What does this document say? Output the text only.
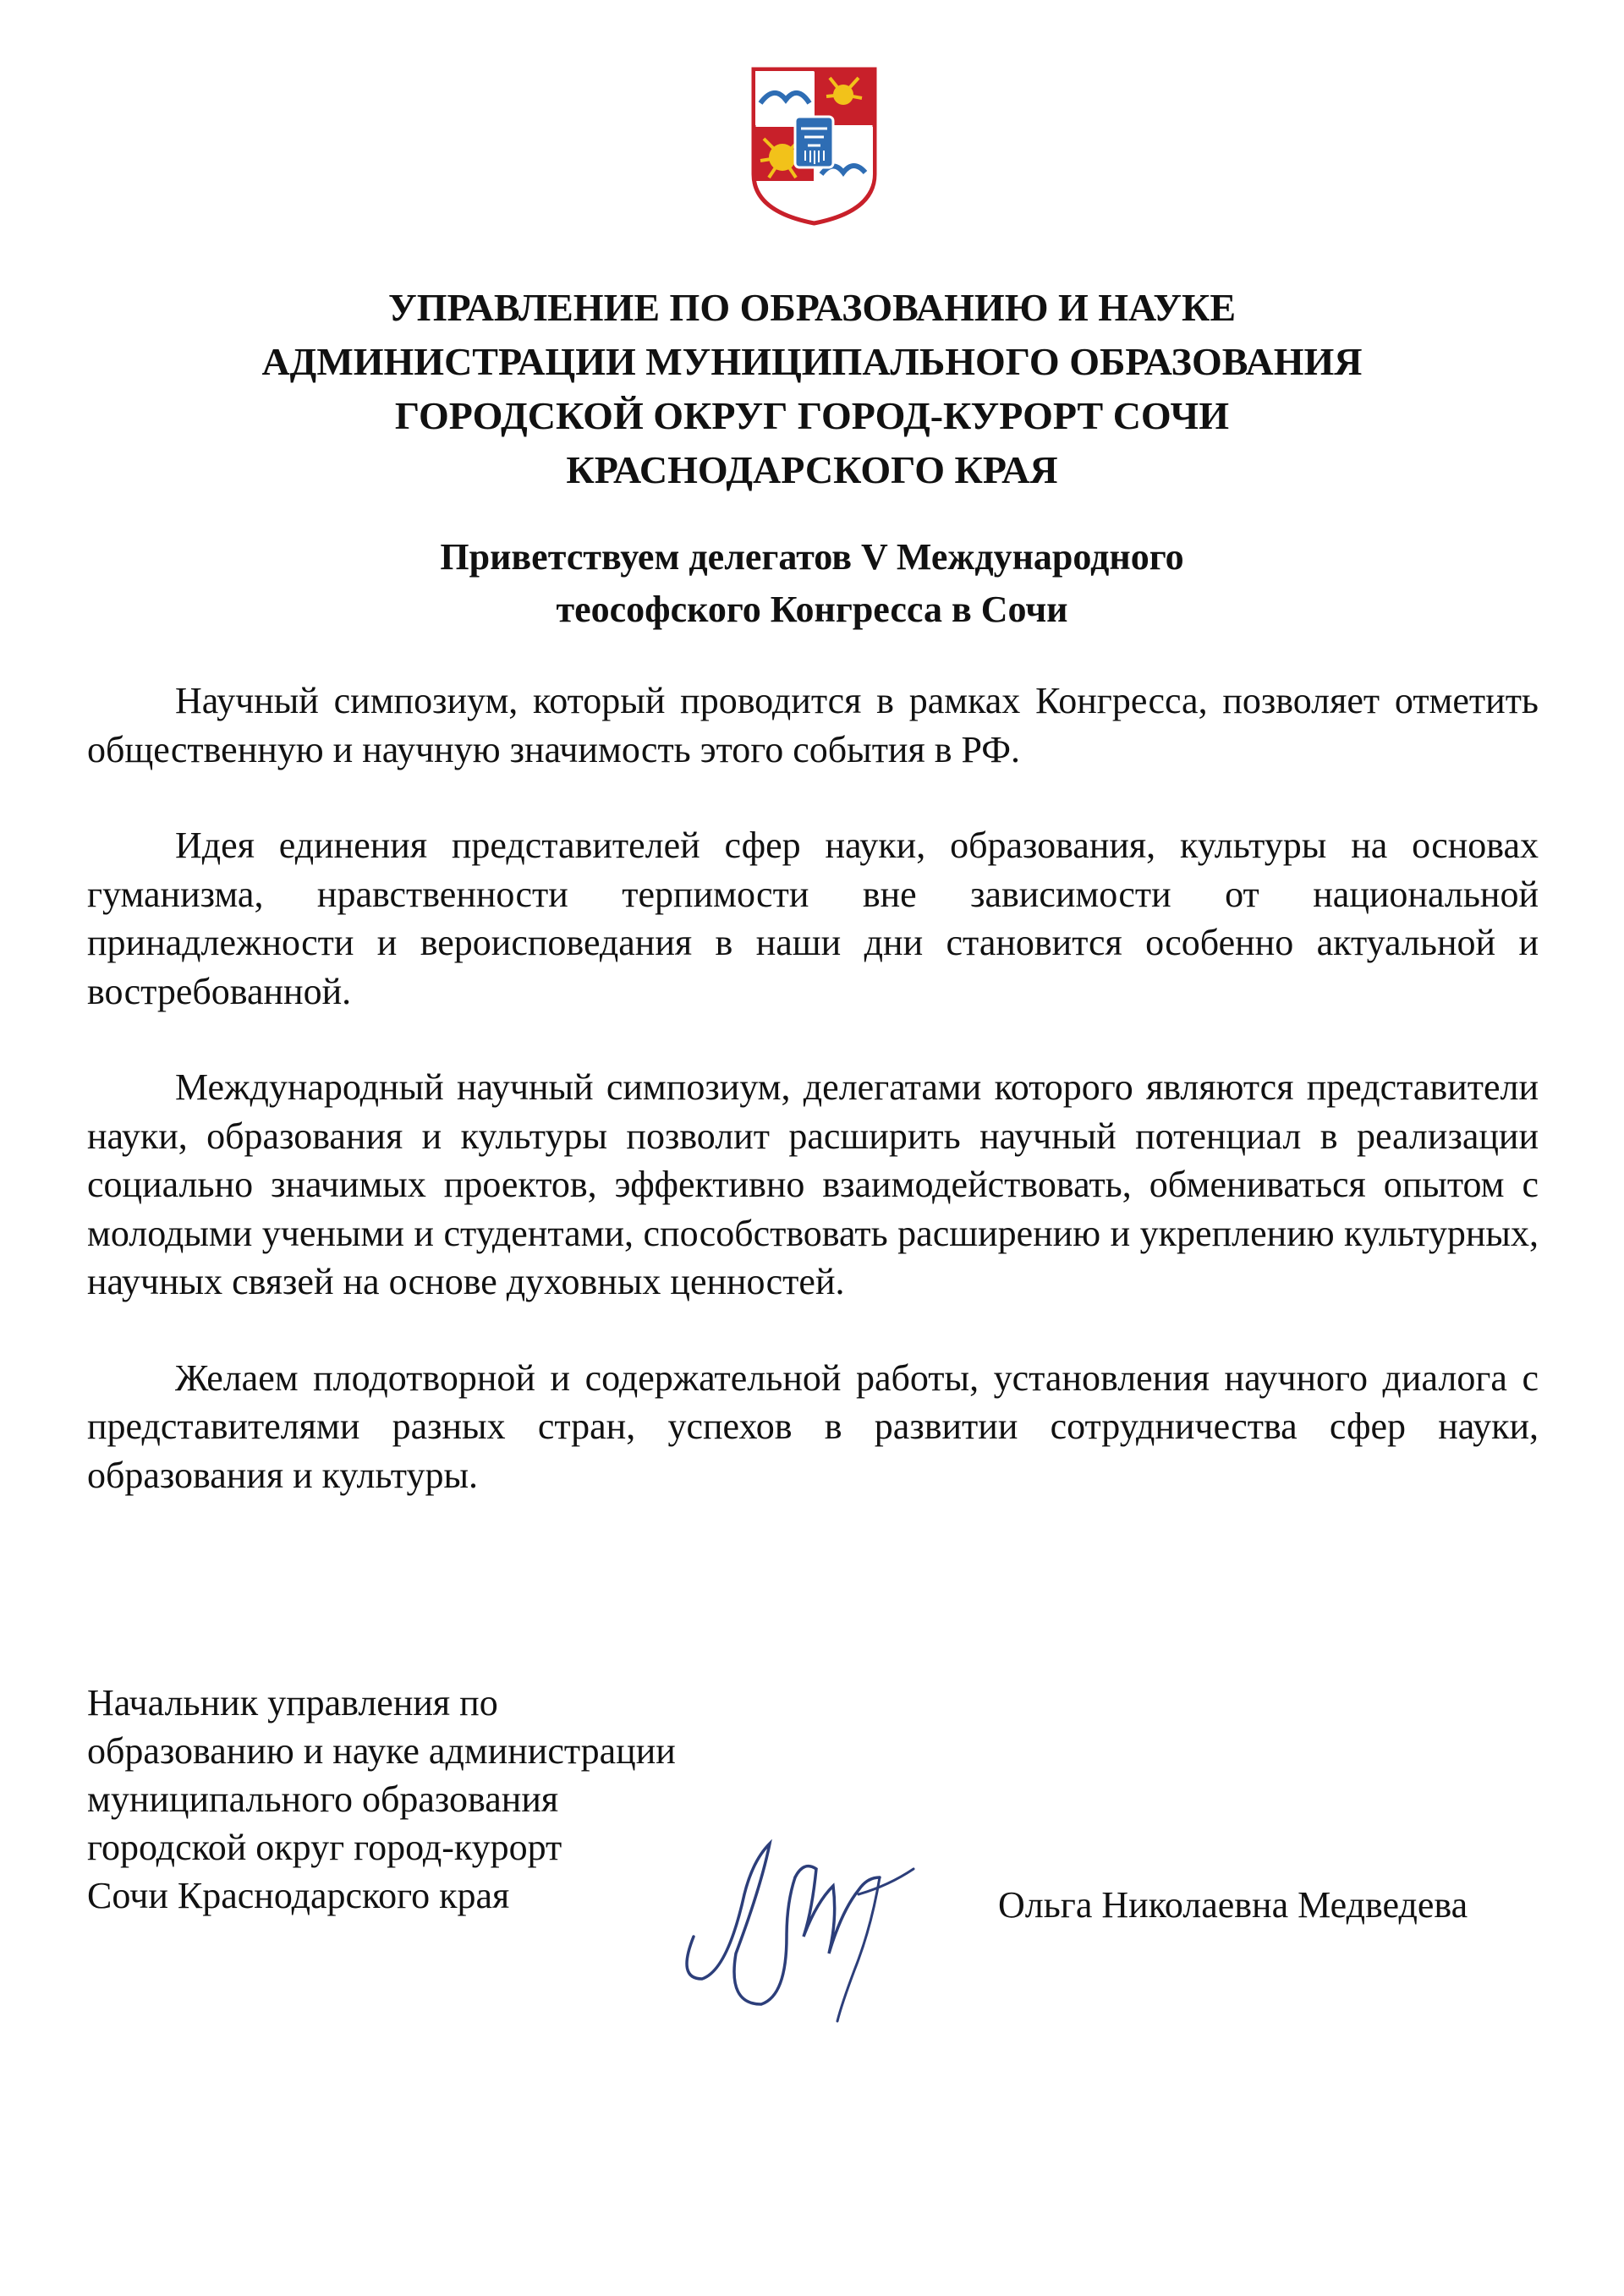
УПРАВЛЕНИЕ ПО ОБРАЗОВАНИЮ И НАУКЕ
АДМИНИСТРАЦИИ МУНИЦИПАЛЬНОГО ОБРАЗОВАНИЯ
ГОРОДСКОЙ ОКРУГ ГОРОД-КУРОРТ СОЧИ
КРАСНОДАРСКОГО КРАЯ
Приветствуем делегатов V Международного
теософского Конгресса в Сочи

Научный симпозиум, который проводится в рамках Конгресса, позволяет отметить общественную и научную значимость этого события в РФ.

Идея единения представителей сфер науки, образования, культуры на основах гуманизма, нравственности терпимости вне зависимости от национальной принадлежности и вероисповедания в наши дни становится особенно актуальной и востребованной.

Международный научный симпозиум, делегатами которого являются представители науки, образования и культуры позволит расширить научный потенциал в реализации социально значимых проектов, эффективно взаимодействовать, обмениваться опытом с молодыми учеными и студентами, способствовать расширению и укреплению культурных, научных связей на основе духовных ценностей.

Желаем плодотворной и содержательной работы, установления научного диалога с представителями разных стран, успехов в развитии сотрудничества сфер науки, образования и культуры.

Начальник управления по
образованию и науке администрации
муниципального образования
городской округ город-курорт
Сочи Краснодарского края	Ольга Николаевна Медведева
